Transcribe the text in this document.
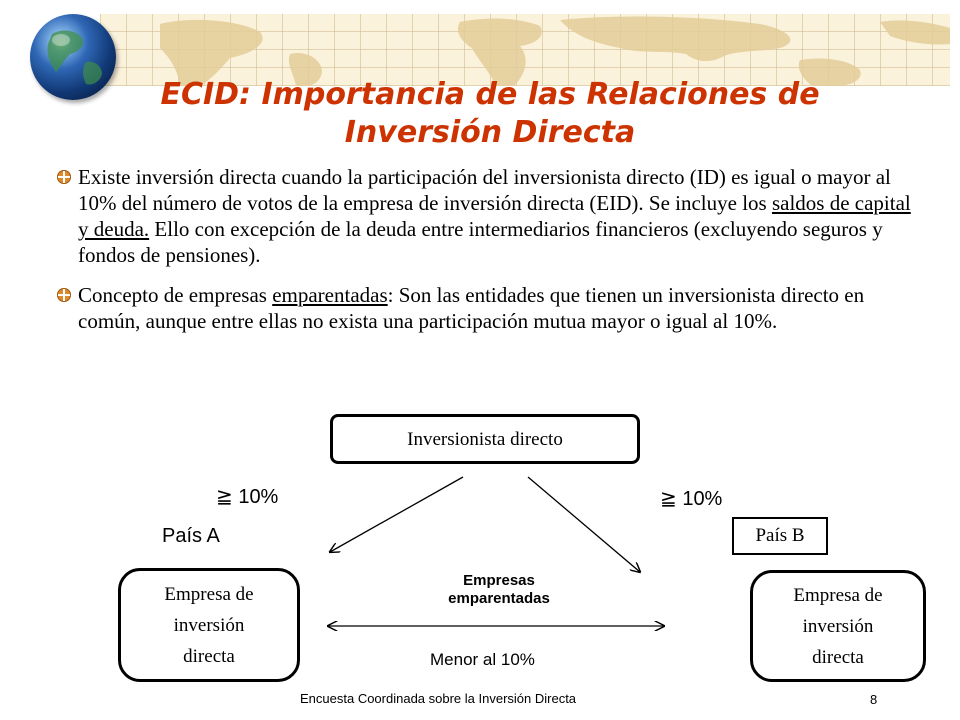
ECID: Importancia de las Relaciones de
Inversión Directa
Existe inversión directa cuando la participación del inversionista directo (ID) es igual o mayor al 10% del número de votos de la empresa de inversión directa (EID). Se incluye los saldos de capital y deuda. Ello con excepción de la deuda entre intermediarios financieros (excluyendo seguros y fondos de pensiones).
Concepto de empresas emparentadas: Son las entidades que tienen un inversionista directo en común, aunque entre ellas no exista una participación mutua mayor o igual al 10%.
Inversionista directo
≧ 10%	≧ 10%
País A	País B
Empresa de
inversión
directa
Empresa de
inversión
directa
Empresas
emparentadas
Menor al 10%
Encuesta Coordinada sobre la Inversión Directa	8
